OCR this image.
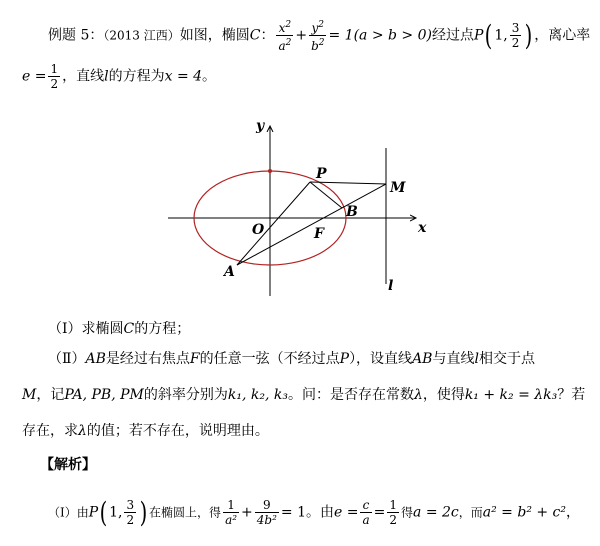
例题 5：（2013 江西）如图，椭圆C： $\frac{x^2}{a^2} + \frac{y^2}{b^2} = 1(a > b > 0)$经过点P( 1, $\frac{3}{2}$ ) ，离心率
$e = \frac{1}{2}$ ，直线l的方程为x = 4。
y
x
O	F
P
M
B
A
l
（Ⅰ）求椭圆C的方程；
（Ⅱ）AB是经过右焦点F的任意一弦（不经过点P），设直线AB与直线l相交于点
M，记PA, PB, PM的斜率分别为k₁, k₂, k₃。问：是否存在常数λ，使得k₁ + k₂ = λk₃？若
存在，求λ的值；若不存在，说明理由。
【解析】
（Ⅰ）由P( 1, $\frac{3}{2}$ ) 在椭圆上，得 $\frac{1}{\text{a²}} + \frac{9}{\text{4b²}} = 1$。由$e = \frac{c}{a} = \frac{1}{2}$ 得a = 2c，而a² = b² + c²，
